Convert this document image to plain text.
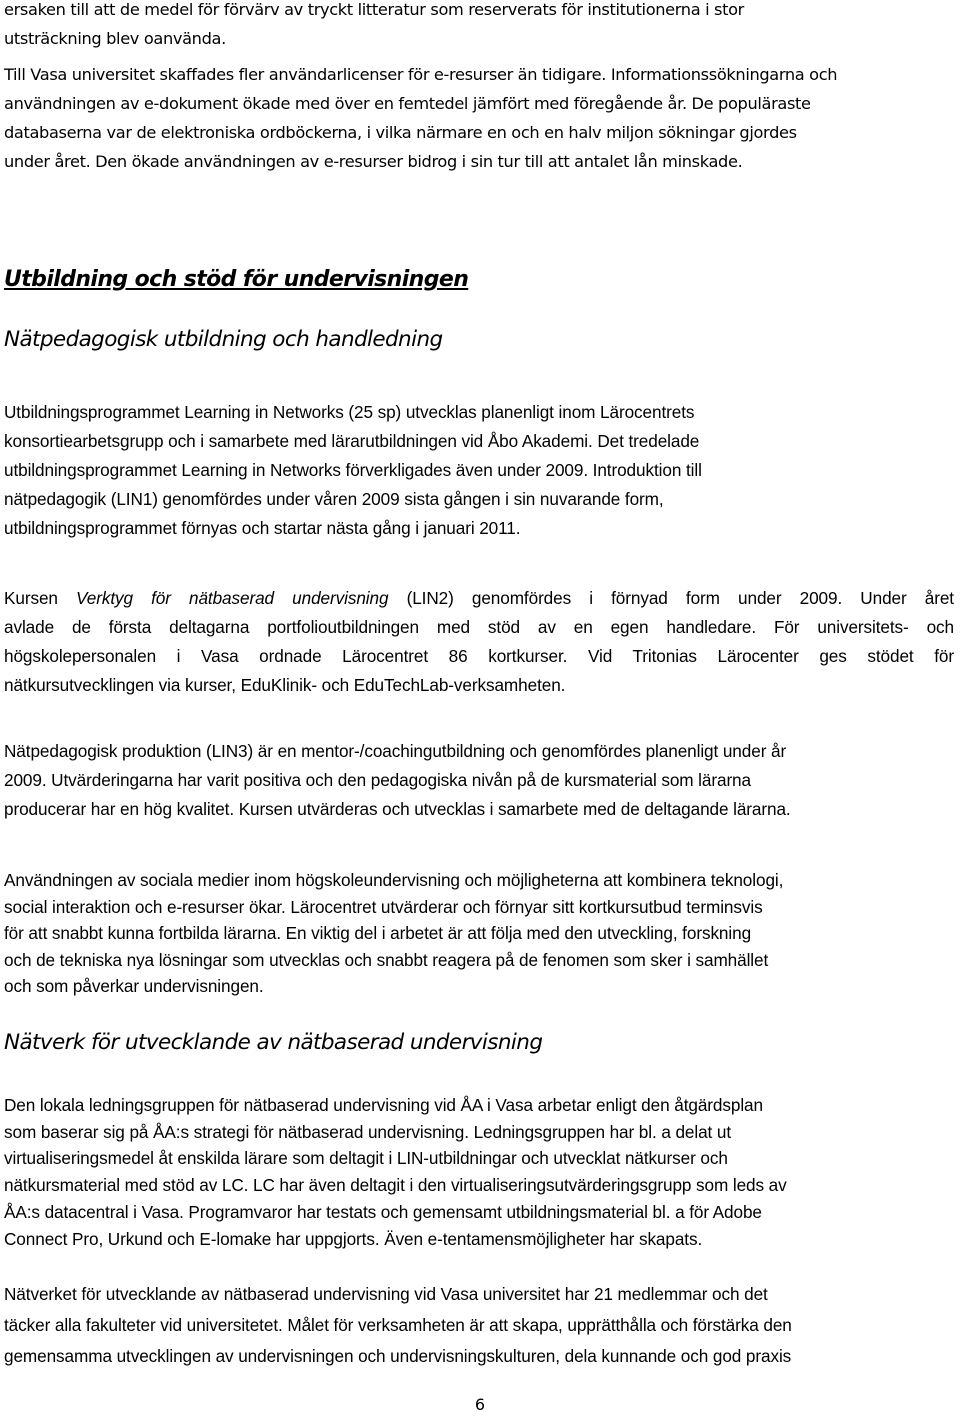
ersaken till att de medel för förvärv av tryckt litteratur som reserverats för institutionerna i stor
utsträckning blev oanvända.

Till Vasa universitet skaffades fler användarlicenser för e-resurser än tidigare. Informationssökningarna och
användningen av e-dokument ökade med över en femtedel jämfört med föregående år. De populäraste
databaserna var de elektroniska ordböckerna, i vilka närmare en och en halv miljon sökningar gjordes
under året. Den ökade användningen av e-resurser bidrog i sin tur till att antalet lån minskade.

Utbildning och stöd för undervisningen
Nätpedagogisk utbildning och handledning

Utbildningsprogrammet Learning in Networks (25 sp) utvecklas planenligt inom Lärocentrets
konsortiearbetsgrupp och i samarbete med lärarutbildningen vid Åbo Akademi. Det tredelade
utbildningsprogrammet Learning in Networks förverkligades även under 2009. Introduktion till
nätpedagogik (LIN1) genomfördes under våren 2009 sista gången i sin nuvarande form,
utbildningsprogrammet förnyas och startar nästa gång i januari 2011.

Kursen Verktyg för nätbaserad undervisning (LIN2) genomfördes i förnyad form under 2009. Under året
avlade de första deltagarna portfolioutbildningen med stöd av en egen handledare. För universitets- och
högskolepersonalen i Vasa ordnade Lärocentret 86 kortkurser. Vid Tritonias Lärocenter ges stödet för
nätkursutvecklingen via kurser, EduKlinik- och EduTechLab-verksamheten.

Nätpedagogisk produktion (LIN3) är en mentor-/coachingutbildning och genomfördes planenligt under år
2009. Utvärderingarna har varit positiva och den pedagogiska nivån på de kursmaterial som lärarna
producerar har en hög kvalitet. Kursen utvärderas och utvecklas i samarbete med de deltagande lärarna.

Användningen av sociala medier inom högskoleundervisning och möjligheterna att kombinera teknologi,
social interaktion och e-resurser ökar. Lärocentret utvärderar och förnyar sitt kortkursutbud terminsvis
för att snabbt kunna fortbilda lärarna. En viktig del i arbetet är att följa med den utveckling, forskning
och de tekniska nya lösningar som utvecklas och snabbt reagera på de fenomen som sker i samhället
och som påverkar undervisningen.

Nätverk för utvecklande av nätbaserad undervisning

Den lokala ledningsgruppen för nätbaserad undervisning vid ÅA i Vasa arbetar enligt den åtgärdsplan
som baserar sig på ÅA:s strategi för nätbaserad undervisning. Ledningsgruppen har bl. a delat ut
virtualiseringsmedel åt enskilda lärare som deltagit i LIN-utbildningar och utvecklat nätkurser och
nätkursmaterial med stöd av LC. LC har även deltagit i den virtualiseringsutvärderingsgrupp som leds av
ÅA:s datacentral i Vasa. Programvaror har testats och gemensamt utbildningsmaterial bl. a för Adobe
Connect Pro, Urkund och E-lomake har uppgjorts. Även e-tentamensmöjligheter har skapats.

Nätverket för utvecklande av nätbaserad undervisning vid Vasa universitet har 21 medlemmar och det
täcker alla fakulteter vid universitetet. Målet för verksamheten är att skapa, upprätthålla och förstärka den
gemensamma utvecklingen av undervisningen och undervisningskulturen, dela kunnande och god praxis

6
